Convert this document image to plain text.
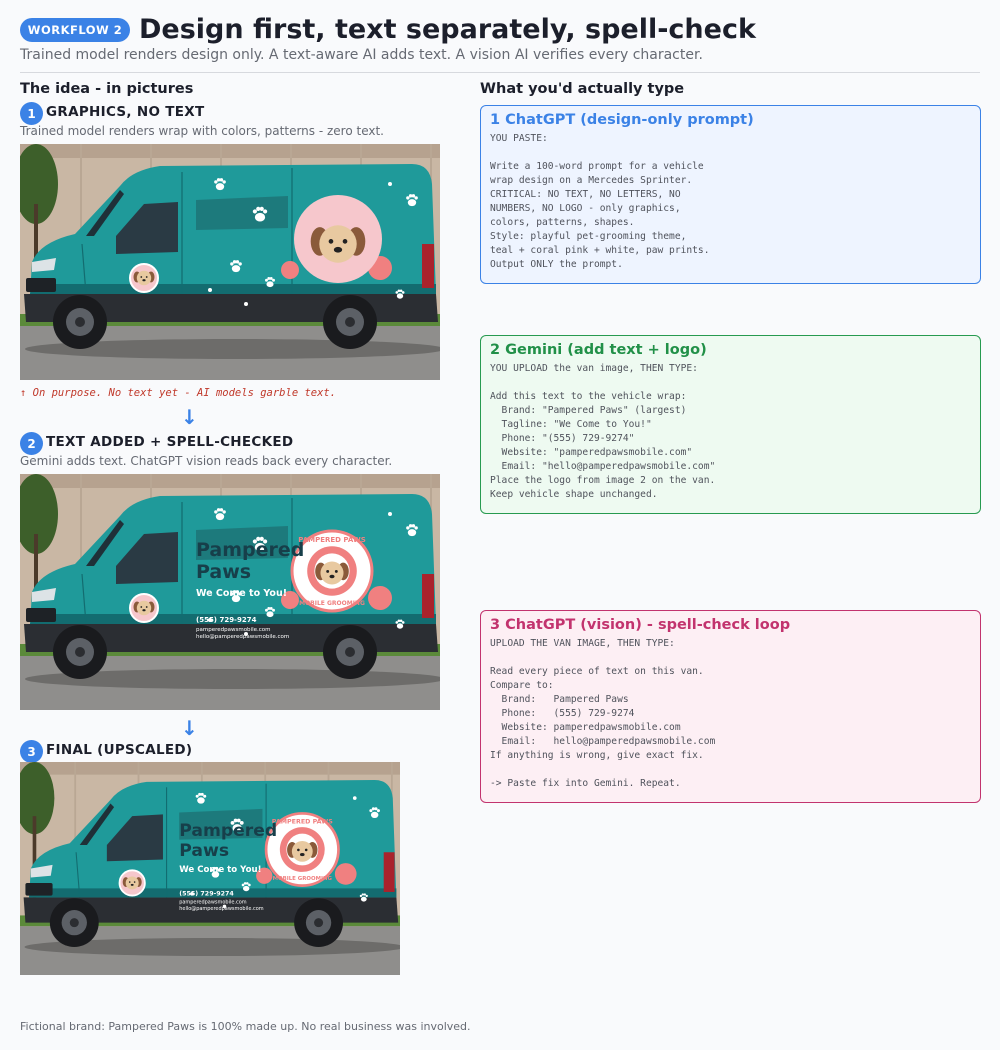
WORKFLOW 2 Design first, text separately, spell-check
Trained model renders design only. A text-aware AI adds text. A vision AI verifies every character.
The idea - in pictures	What you'd actually type
1 GRAPHICS, NO TEXT
Trained model renders wrap with colors, patterns - zero text.
↑ On purpose. No text yet - AI models garble text.
↓
2 TEXT ADDED + SPELL-CHECKED
Gemini adds text. ChatGPT vision reads back every character.
PAMPERED PAWS
MOBILE GROOMING
Pampered
Paws
We Come to You!
(555) 729-9274
pamperedpawsmobile.com
hello@pamperedpawsmobile.com
↓
3 FINAL (UPSCALED)
PAMPERED PAWS
MOBILE GROOMING
Pampered
Paws
We Come to You!
(555) 729-9274
pamperedpawsmobile.com
hello@pamperedpawsmobile.com
1 ChatGPT (design-only prompt)
YOU PASTE:

Write a 100-word prompt for a vehicle
wrap design on a Mercedes Sprinter.
CRITICAL: NO TEXT, NO LETTERS, NO
NUMBERS, NO LOGO - only graphics,
colors, patterns, shapes.
Style: playful pet-grooming theme,
teal + coral pink + white, paw prints.
Output ONLY the prompt.
2 Gemini (add text + logo)
YOU UPLOAD the van image, THEN TYPE:

Add this text to the vehicle wrap:
Brand: "Pampered Paws" (largest)
Tagline: "We Come to You!"
Phone: "(555) 729-9274"
Website: "pamperedpawsmobile.com"
Email: "hello@pamperedpawsmobile.com"
Place the logo from image 2 on the van.
Keep vehicle shape unchanged.
3 ChatGPT (vision) - spell-check loop
UPLOAD THE VAN IMAGE, THEN TYPE:

Read every piece of text on this van.
Compare to:
Brand:   Pampered Paws
Phone:   (555) 729-9274
Website: pamperedpawsmobile.com
Email:   hello@pamperedpawsmobile.com
If anything is wrong, give exact fix.

-> Paste fix into Gemini. Repeat.
Fictional brand: Pampered Paws is 100% made up. No real business was involved.
